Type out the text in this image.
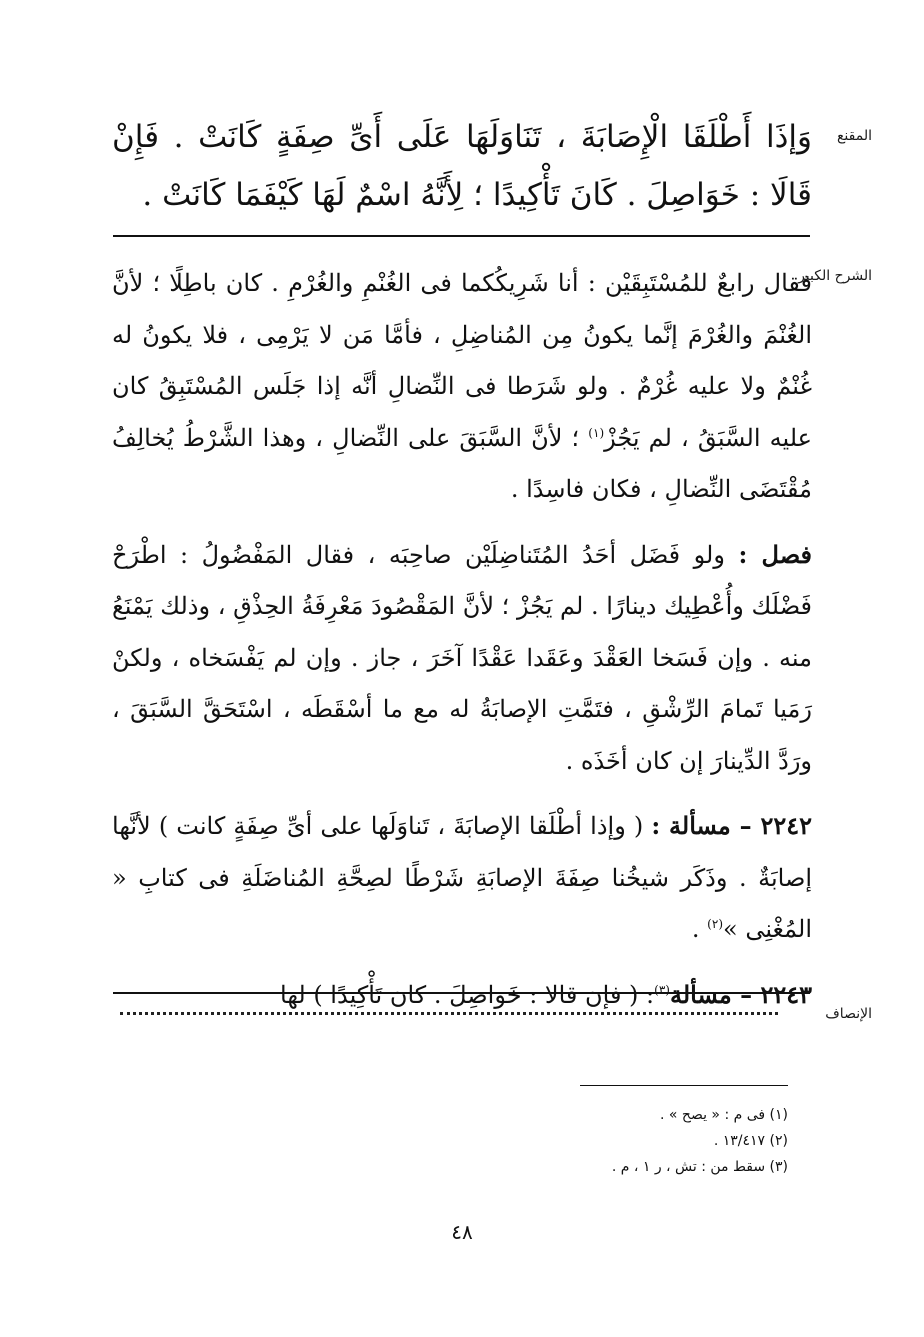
المقنع
وَإذَا أَطْلَقَا الْإِصَابَةَ ، تَنَاوَلَهَا عَلَى أَىِّ صِفَةٍ كَانَتْ . فَإِنْ قَالَا : خَوَاصِلَ . كَانَ تَأْكِيدًا ؛ لِأَنَّهُ اسْمٌ لَهَا كَيْفَمَا كَانَتْ .
الشرح الكبير

فقال رابعٌ للمُسْتَبِقَيْن : أنا شَرِيكُكما فى الغُنْمِ والغُرْمِ . كان باطِلًا ؛ لأنَّ الغُنْمَ والغُرْمَ إنَّما يكونُ مِن المُناضِلِ ، فأمَّا مَن لا يَرْمِى ، فلا يكونُ له غُنْمٌ ولا عليه غُرْمٌ . ولو شَرَطا فى النِّضالِ أنَّه إذا جَلَس المُسْتَبِقُ كان عليه السَّبَقُ ، لم يَجُزْ$^{(١)}$ ؛ لأنَّ السَّبَقَ على النِّضالِ ، وهذا الشَّرْطُ يُخالِفُ مُقْتَضَى النِّضالِ ، فكان فاسِدًا .

فصل : ولو فَضَل أحَدُ المُتَناضِلَيْن صاحِبَه ، فقال المَفْضُولُ : اطْرَحْ فَضْلَك وأُعْطِيك دينارًا . لم يَجُزْ ؛ لأنَّ المَقْصُودَ مَعْرِفَةُ الحِذْقِ ، وذلك يَمْنَعُ منه . وإن فَسَخا العَقْدَ وعَقَدا عَقْدًا آخَرَ ، جاز . وإن لم يَفْسَخاه ، ولكنْ رَمَيا تَمامَ الرِّشْقِ ، فتَمَّتِ الإصابَةُ له مع ما أسْقَطَه ، اسْتَحَقَّ السَّبَقَ ، ورَدَّ الدِّينارَ إن كان أخَذَه .

٢٢٤٢ – مسألة : ( وإذا أطْلَقا الإصابَةَ ، تَناوَلَها على أىِّ صِفَةٍ كانت ) لأنَّها إصابَةٌ . وذَكَر شيخُنا صِفَةَ الإصابَةِ شَرْطًا لصِحَّةِ المُناضَلَةِ فى كتابِ « المُغْنِى »$^{(٢)}$ .

٢٢٤٣ – مسألة$^{(٣)}$: ( فإن قالا : خَواصِلَ . كان تَأْكِيدًا ) لها

الإنصاف
(١) فى م : « يصح » .
(٢) ١٣/٤١٧ .
(٣) سقط من : تش ، ر ١ ، م .
٤٨
